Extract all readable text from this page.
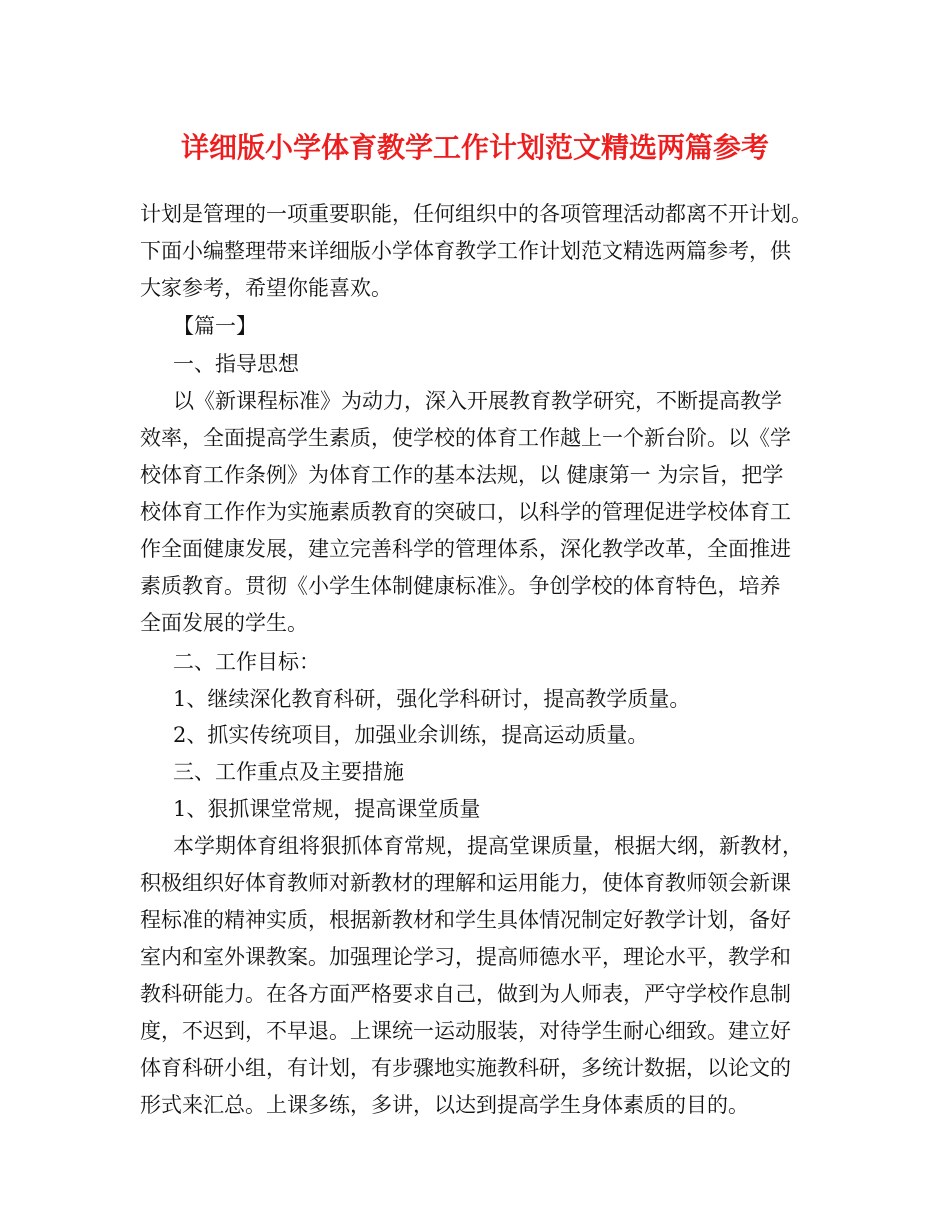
详细版小学体育教学工作计划范文精选两篇参考
计划是管理的一项重要职能，任何组织中的各项管理活动都离不开计划。
下面小编整理带来详细版小学体育教学工作计划范文精选两篇参考，供
大家参考，希望你能喜欢。
【篇一】
一、指导思想
以《新课程标准》为动力，深入开展教育教学研究，不断提高教学
效率，全面提高学生素质，使学校的体育工作越上一个新台阶。以《学
校体育工作条例》为体育工作的基本法规，以 健康第一 为宗旨，把学
校体育工作作为实施素质教育的突破口，以科学的管理促进学校体育工
作全面健康发展，建立完善科学的管理体系，深化教学改革，全面推进
素质教育。贯彻《小学生体制健康标准》。争创学校的体育特色，培养
全面发展的学生。
二、工作目标：
1、继续深化教育科研，强化学科研讨，提高教学质量。
2、抓实传统项目，加强业余训练，提高运动质量。
三、工作重点及主要措施
1、狠抓课堂常规，提高课堂质量
本学期体育组将狠抓体育常规，提高堂课质量，根据大纲，新教材，
积极组织好体育教师对新教材的理解和运用能力，使体育教师领会新课
程标准的精神实质，根据新教材和学生具体情况制定好教学计划，备好
室内和室外课教案。加强理论学习，提高师德水平，理论水平，教学和
教科研能力。在各方面严格要求自己，做到为人师表，严守学校作息制
度，不迟到，不早退。上课统一运动服装，对待学生耐心细致。建立好
体育科研小组，有计划，有步骤地实施教科研，多统计数据，以论文的
形式来汇总。上课多练，多讲，以达到提高学生身体素质的目的。
